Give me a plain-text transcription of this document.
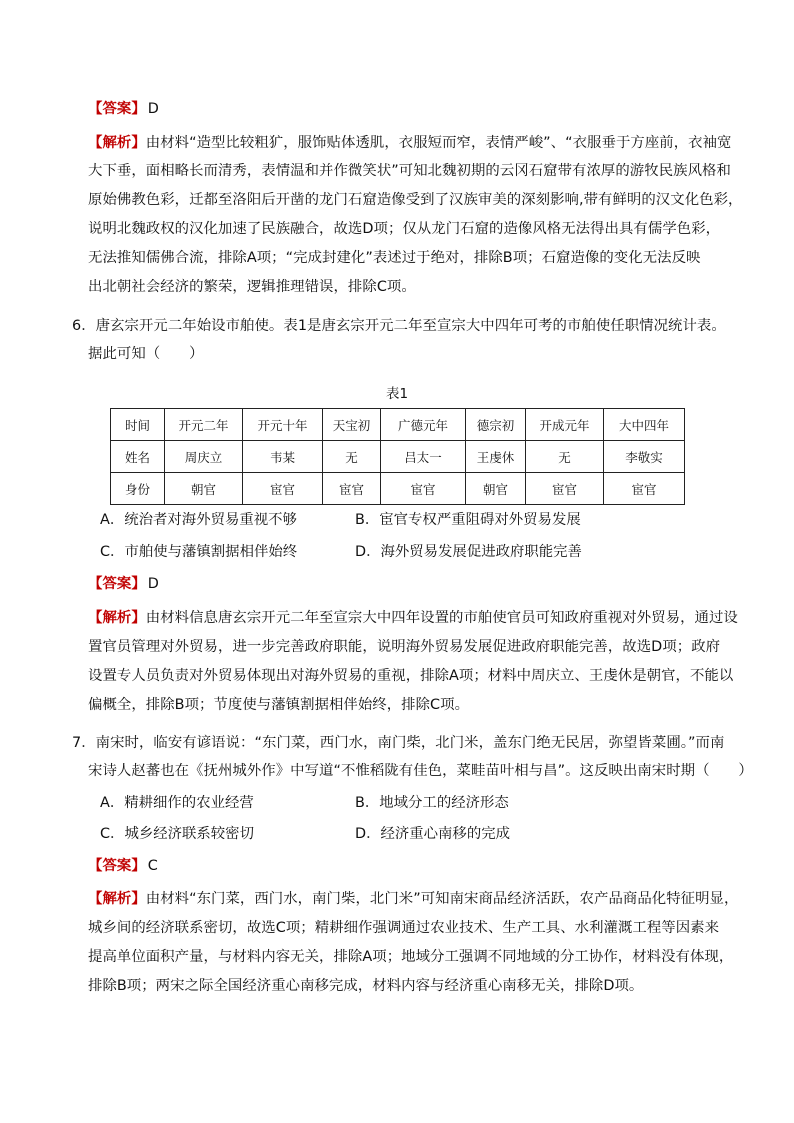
【答案】 D
【解析】由材料“造型比较粗犷，服饰贴体透肌，衣服短而窄，表情严峻”、“衣服垂于方座前，衣袖宽
大下垂，面相略长而清秀，表情温和并作微笑状”可知北魏初期的云冈石窟带有浓厚的游牧民族风格和
原始佛教色彩，迁都至洛阳后开凿的龙门石窟造像受到了汉族审美的深刻影响,带有鲜明的汉文化色彩，
说明北魏政权的汉化加速了民族融合，故选D项；仅从龙门石窟的造像风格无法得出具有儒学色彩，
无法推知儒佛合流，排除A项；“完成封建化”表述过于绝对，排除B项；石窟造像的变化无法反映
出北朝社会经济的繁荣，逻辑推理错误，排除C项。
6．唐玄宗开元二年始设市舶使。表1是唐玄宗开元二年至宣宗大中四年可考的市舶使任职情况统计表。
据此可知（　　）
表1
时间	开元二年	开元十年	天宝初	广德元年	德宗初	开成元年	大中四年
姓名	周庆立	韦某	无	吕太一	王虔休	无	李敬实
身份	朝官	宦官	宦官	宦官	朝官	宦官	宦官
A．统治者对海外贸易重视不够	B．宦官专权严重阻碍对外贸易发展
C．市舶使与藩镇割据相伴始终	D．海外贸易发展促进政府职能完善
【答案】 D
【解析】由材料信息唐玄宗开元二年至宣宗大中四年设置的市舶使官员可知政府重视对外贸易，通过设
置官员管理对外贸易，进一步完善政府职能，说明海外贸易发展促进政府职能完善，故选D项；政府
设置专人员负责对外贸易体现出对海外贸易的重视，排除A项；材料中周庆立、王虔休是朝官，不能以
偏概全，排除B项；节度使与藩镇割据相伴始终，排除C项。
7．南宋时，临安有谚语说：“东门菜，西门水，南门柴，北门米，盖东门绝无民居，弥望皆菜圃。”而南
宋诗人赵蕃也在《抚州城外作》中写道“不惟稻陇有佳色，菜畦苗叶相与昌”。这反映出南宋时期（　　）
A．精耕细作的农业经营	B．地域分工的经济形态
C．城乡经济联系较密切	D．经济重心南移的完成
【答案】 C
【解析】由材料“东门菜，西门水，南门柴，北门米”可知南宋商品经济活跃，农产品商品化特征明显，
城乡间的经济联系密切，故选C项；精耕细作强调通过农业技术、生产工具、水利灌溉工程等因素来
提高单位面积产量，与材料内容无关，排除A项；地域分工强调不同地域的分工协作，材料没有体现，
排除B项；两宋之际全国经济重心南移完成，材料内容与经济重心南移无关，排除D项。
